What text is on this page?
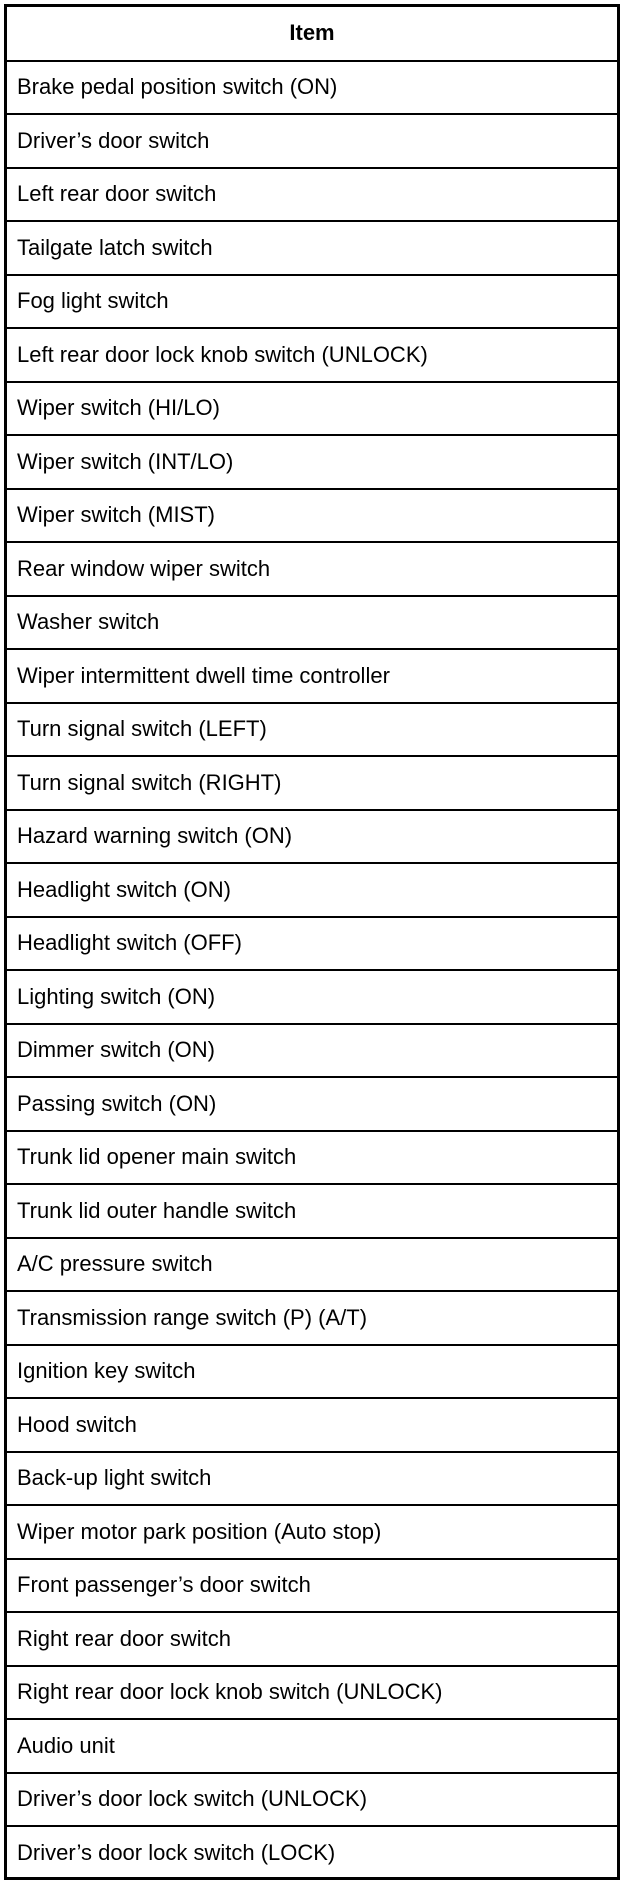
Item
Brake pedal position switch (ON)
Driver’s door switch
Left rear door switch
Tailgate latch switch
Fog light switch
Left rear door lock knob switch (UNLOCK)
Wiper switch (HI/LO)
Wiper switch (INT/LO)
Wiper switch (MIST)
Rear window wiper switch
Washer switch
Wiper intermittent dwell time controller
Turn signal switch (LEFT)
Turn signal switch (RIGHT)
Hazard warning switch (ON)
Headlight switch (ON)
Headlight switch (OFF)
Lighting switch (ON)
Dimmer switch (ON)
Passing switch (ON)
Trunk lid opener main switch
Trunk lid outer handle switch
A/C pressure switch
Transmission range switch (P) (A/T)
Ignition key switch
Hood switch
Back-up light switch
Wiper motor park position (Auto stop)
Front passenger’s door switch
Right rear door switch
Right rear door lock knob switch (UNLOCK)
Audio unit
Driver’s door lock switch (UNLOCK)
Driver’s door lock switch (LOCK)
